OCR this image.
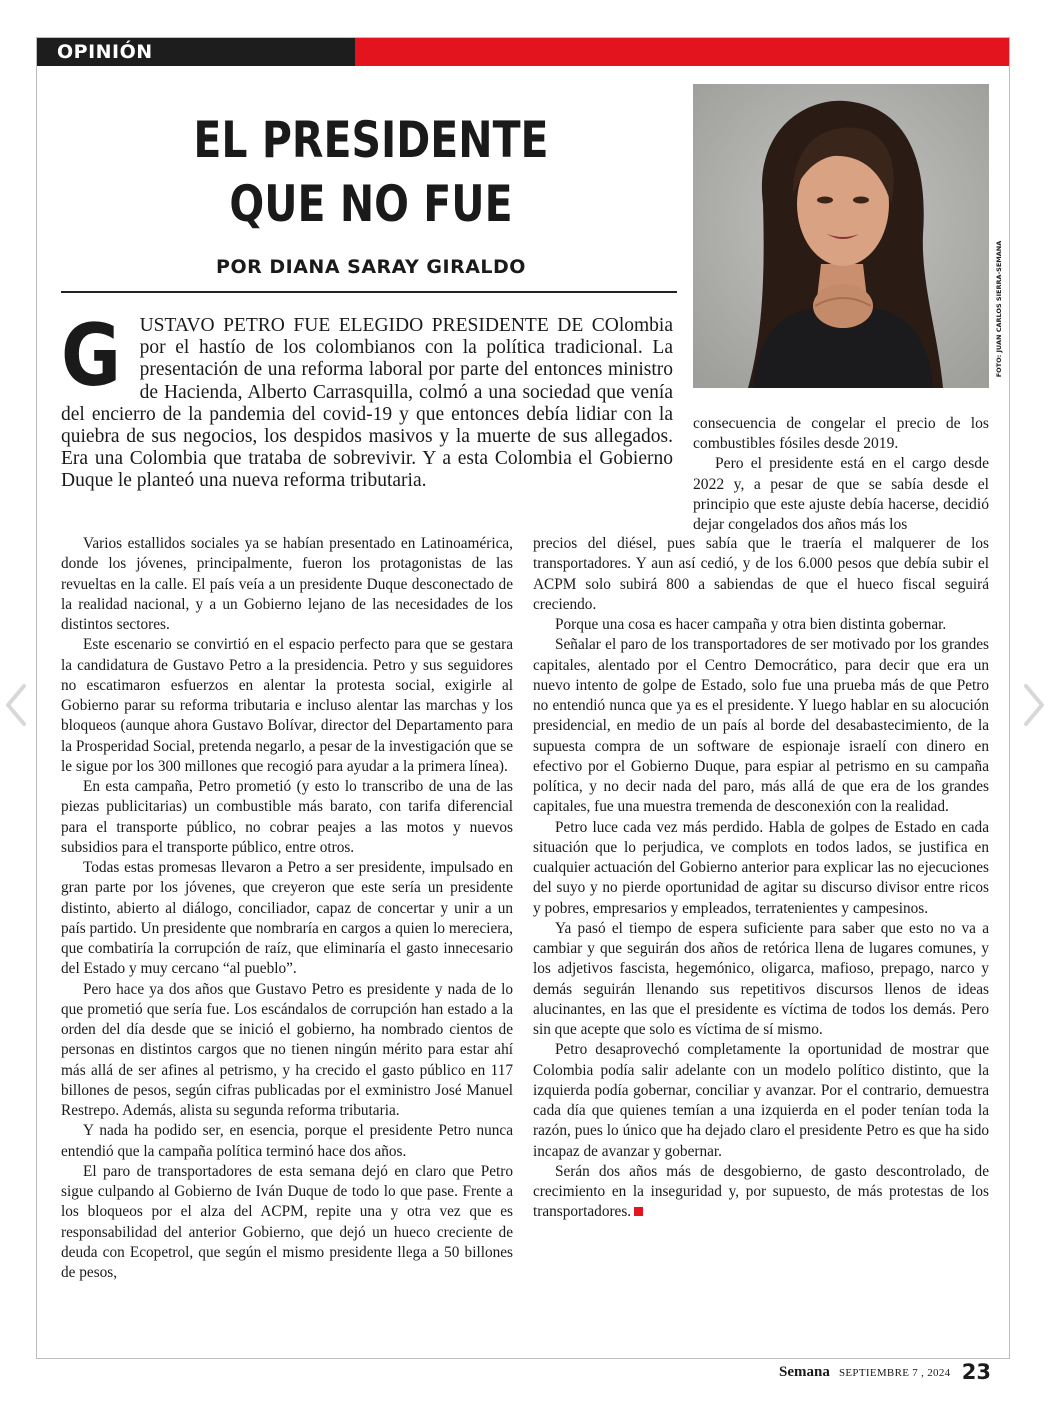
OPINIÓN
EL PRESIDENTE
QUE NO FUE
POR DIANA SARAY GIRALDO	FOTO: JUAN CARLOS SIERRA-SEMANA
GUSTAVO PETRO FUE ELEGIDO PRESIDENTE DE COlombia por el hastío de los colombianos con la política tradicional. La presentación de una reforma laboral por parte del entonces ministro de Hacienda, Alberto Carrasquilla, colmó a una sociedad que venía del encierro de la pandemia del covid-19 y que entonces debía lidiar con la quiebra de sus negocios, los despidos masivos y la muerte de sus allegados. Era una Colombia que trataba de sobrevivir. Y a esta Colombia el Gobierno Duque le planteó una nueva reforma tributaria.

consecuencia de congelar el precio de los combustibles fósiles desde 2019.

Pero el presidente está en el cargo desde 2022 y, a pesar de que se sabía desde el principio que este ajuste debía hacerse, decidió dejar congelados dos años más los

Varios estallidos sociales ya se habían presentado en Latinoamérica, donde los jóvenes, principalmente, fueron los protagonistas de las revueltas en la calle. El país veía a un presidente Duque desconectado de la realidad nacional, y a un Gobierno lejano de las necesidades de los distintos sectores.

Este escenario se convirtió en el espacio perfecto para que se gestara la candidatura de Gustavo Petro a la presidencia. Petro y sus seguidores no escatimaron esfuerzos en alentar la protesta social, exigirle al Gobierno parar su reforma tributaria e incluso alentar las marchas y los bloqueos (aunque ahora Gustavo Bolívar, director del Departamento para la Prosperidad Social, pretenda negarlo, a pesar de la investigación que se le sigue por los 300 millones que recogió para ayudar a la primera línea).

En esta campaña, Petro prometió (y esto lo transcribo de una de las piezas publicitarias) un combustible más barato, con tarifa diferencial para el transporte público, no cobrar peajes a las motos y nuevos subsidios para el transporte público, entre otros.

Todas estas promesas llevaron a Petro a ser presidente, impulsado en gran parte por los jóvenes, que creyeron que este sería un presidente distinto, abierto al diálogo, conciliador, capaz de concertar y unir a un país partido. Un presidente que nombraría en cargos a quien lo mereciera, que combatiría la corrupción de raíz, que eliminaría el gasto innecesario del Estado y muy cercano “al pueblo”.

Pero hace ya dos años que Gustavo Petro es presidente y nada de lo que prometió que sería fue. Los escándalos de corrupción han estado a la orden del día desde que se inició el gobierno, ha nombrado cientos de personas en distintos cargos que no tienen ningún mérito para estar ahí más allá de ser afines al petrismo, y ha crecido el gasto público en 117 billones de pesos, según cifras publicadas por el exministro José Manuel Restrepo. Además, alista su segunda reforma tributaria.

Y nada ha podido ser, en esencia, porque el presidente Petro nunca entendió que la campaña política terminó hace dos años.

El paro de transportadores de esta semana dejó en claro que Petro sigue culpando al Gobierno de Iván Duque de todo lo que pase. Frente a los bloqueos por el alza del ACPM, repite una y otra vez que es responsabilidad del anterior Gobierno, que dejó un hueco creciente de deuda con Ecopetrol, que según el mismo presidente llega a 50 billones de pesos,

precios del diésel, pues sabía que le traería el malquerer de los transportadores. Y aun así cedió, y de los 6.000 pesos que debía subir el ACPM solo subirá 800 a sabiendas de que el hueco fiscal seguirá creciendo.

Porque una cosa es hacer campaña y otra bien distinta gobernar.

Señalar el paro de los transportadores de ser motivado por los grandes capitales, alentado por el Centro Democrático, para decir que era un nuevo intento de golpe de Estado, solo fue una prueba más de que Petro no entendió nunca que ya es el presidente. Y luego hablar en su alocución presidencial, en medio de un país al borde del desabastecimiento, de la supuesta compra de un software de espionaje israelí con dinero en efectivo por el Gobierno Duque, para espiar al petrismo en su campaña política, y no decir nada del paro, más allá de que era de los grandes capitales, fue una muestra tremenda de desconexión con la realidad.

Petro luce cada vez más perdido. Habla de golpes de Estado en cada situación que lo perjudica, ve complots en todos lados, se justifica en cualquier actuación del Gobierno anterior para explicar las no ejecuciones del suyo y no pierde oportunidad de agitar su discurso divisor entre ricos y pobres, empresarios y empleados, terratenientes y campesinos.

Ya pasó el tiempo de espera suficiente para saber que esto no va a cambiar y que seguirán dos años de retórica llena de lugares comunes, y los adjetivos fascista, hegemónico, oligarca, mafioso, prepago, narco y demás seguirán llenando sus repetitivos discursos llenos de ideas alucinantes, en las que el presidente es víctima de todos los demás. Pero sin que acepte que solo es víctima de sí mismo.

Petro desaprovechó completamente la oportunidad de mostrar que Colombia podía salir adelante con un modelo político distinto, que la izquierda podía gobernar, conciliar y avanzar. Por el contrario, demuestra cada día que quienes temían a una izquierda en el poder tenían toda la razón, pues lo único que ha dejado claro el presidente Petro es que ha sido incapaz de avanzar y gobernar.

Serán dos años más de desgobierno, de gasto descontrolado, de crecimiento en la inseguridad y, por supuesto, de más protestas de los transportadores.

Semana SEPTIEMBRE 7 , 2024 23
